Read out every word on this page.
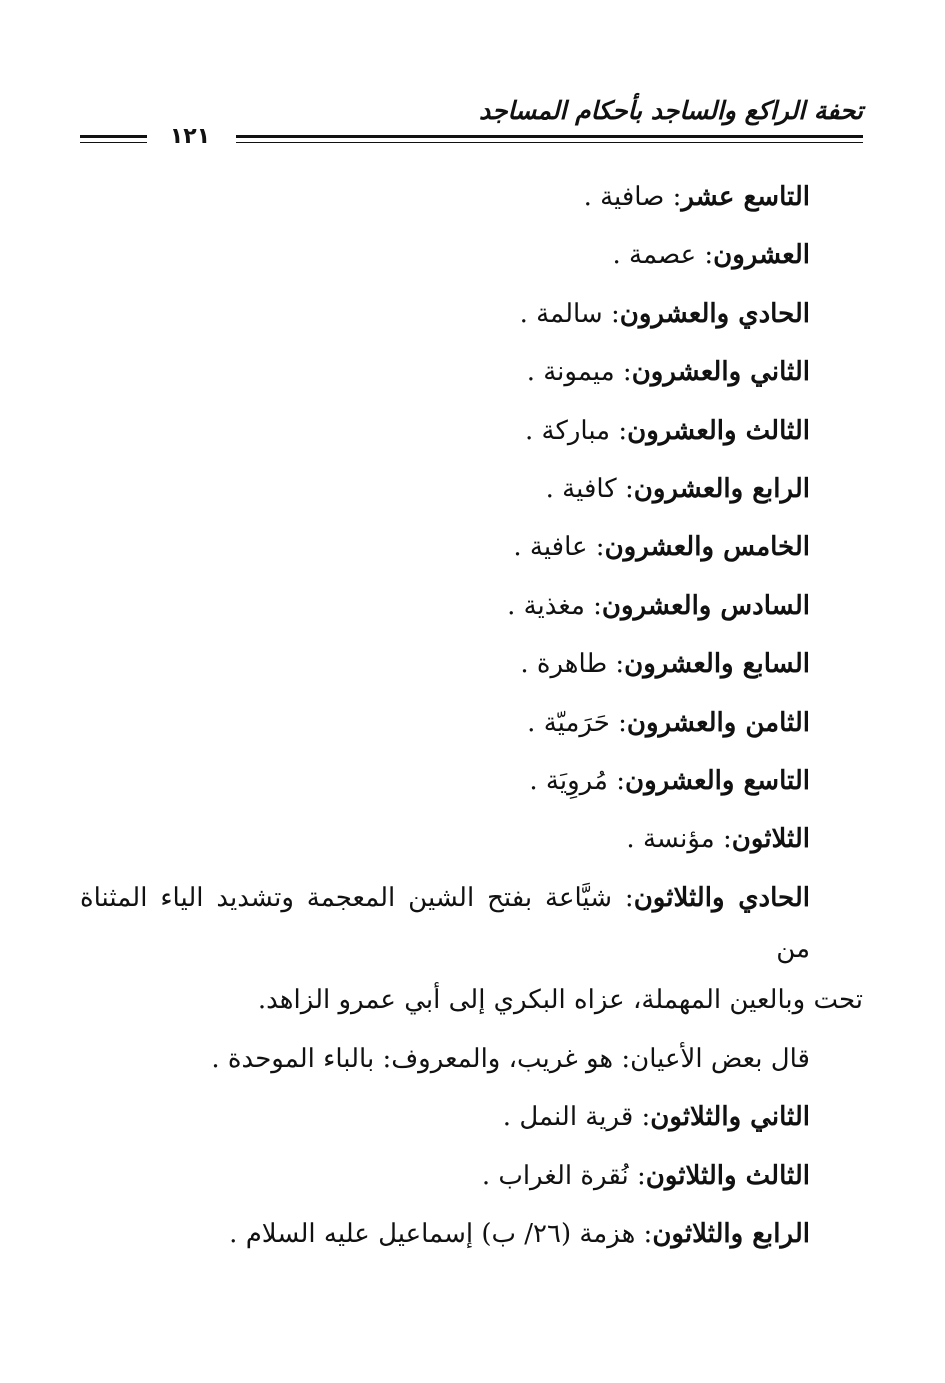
تحفة الراكع والساجد بأحكام المساجد
١٢١
التاسع عشر: صافية .
العشرون: عصمة .
الحادي والعشرون: سالمة .
الثاني والعشرون: ميمونة .
الثالث والعشرون: مباركة .
الرابع والعشرون: كافية .
الخامس والعشرون: عافية .
السادس والعشرون: مغذية .
السابع والعشرون: طاهرة .
الثامن والعشرون: حَرَميّة .
التاسع والعشرون: مُروِيَة .
الثلاثون: مؤنسة .
الحادي والثلاثون: شيَّاعة بفتح الشين المعجمة وتشديد الياء المثناة من
تحت وبالعين المهملة، عزاه البكري إلى أبي عمرو الزاهد.
قال بعض الأعيان: هو غريب، والمعروف: بالباء الموحدة .
الثاني والثلاثون: قرية النمل .
الثالث والثلاثون: نُقرة الغراب .
الرابع والثلاثون: هزمة (٢٦/ ب) إسماعيل عليه السلام .
